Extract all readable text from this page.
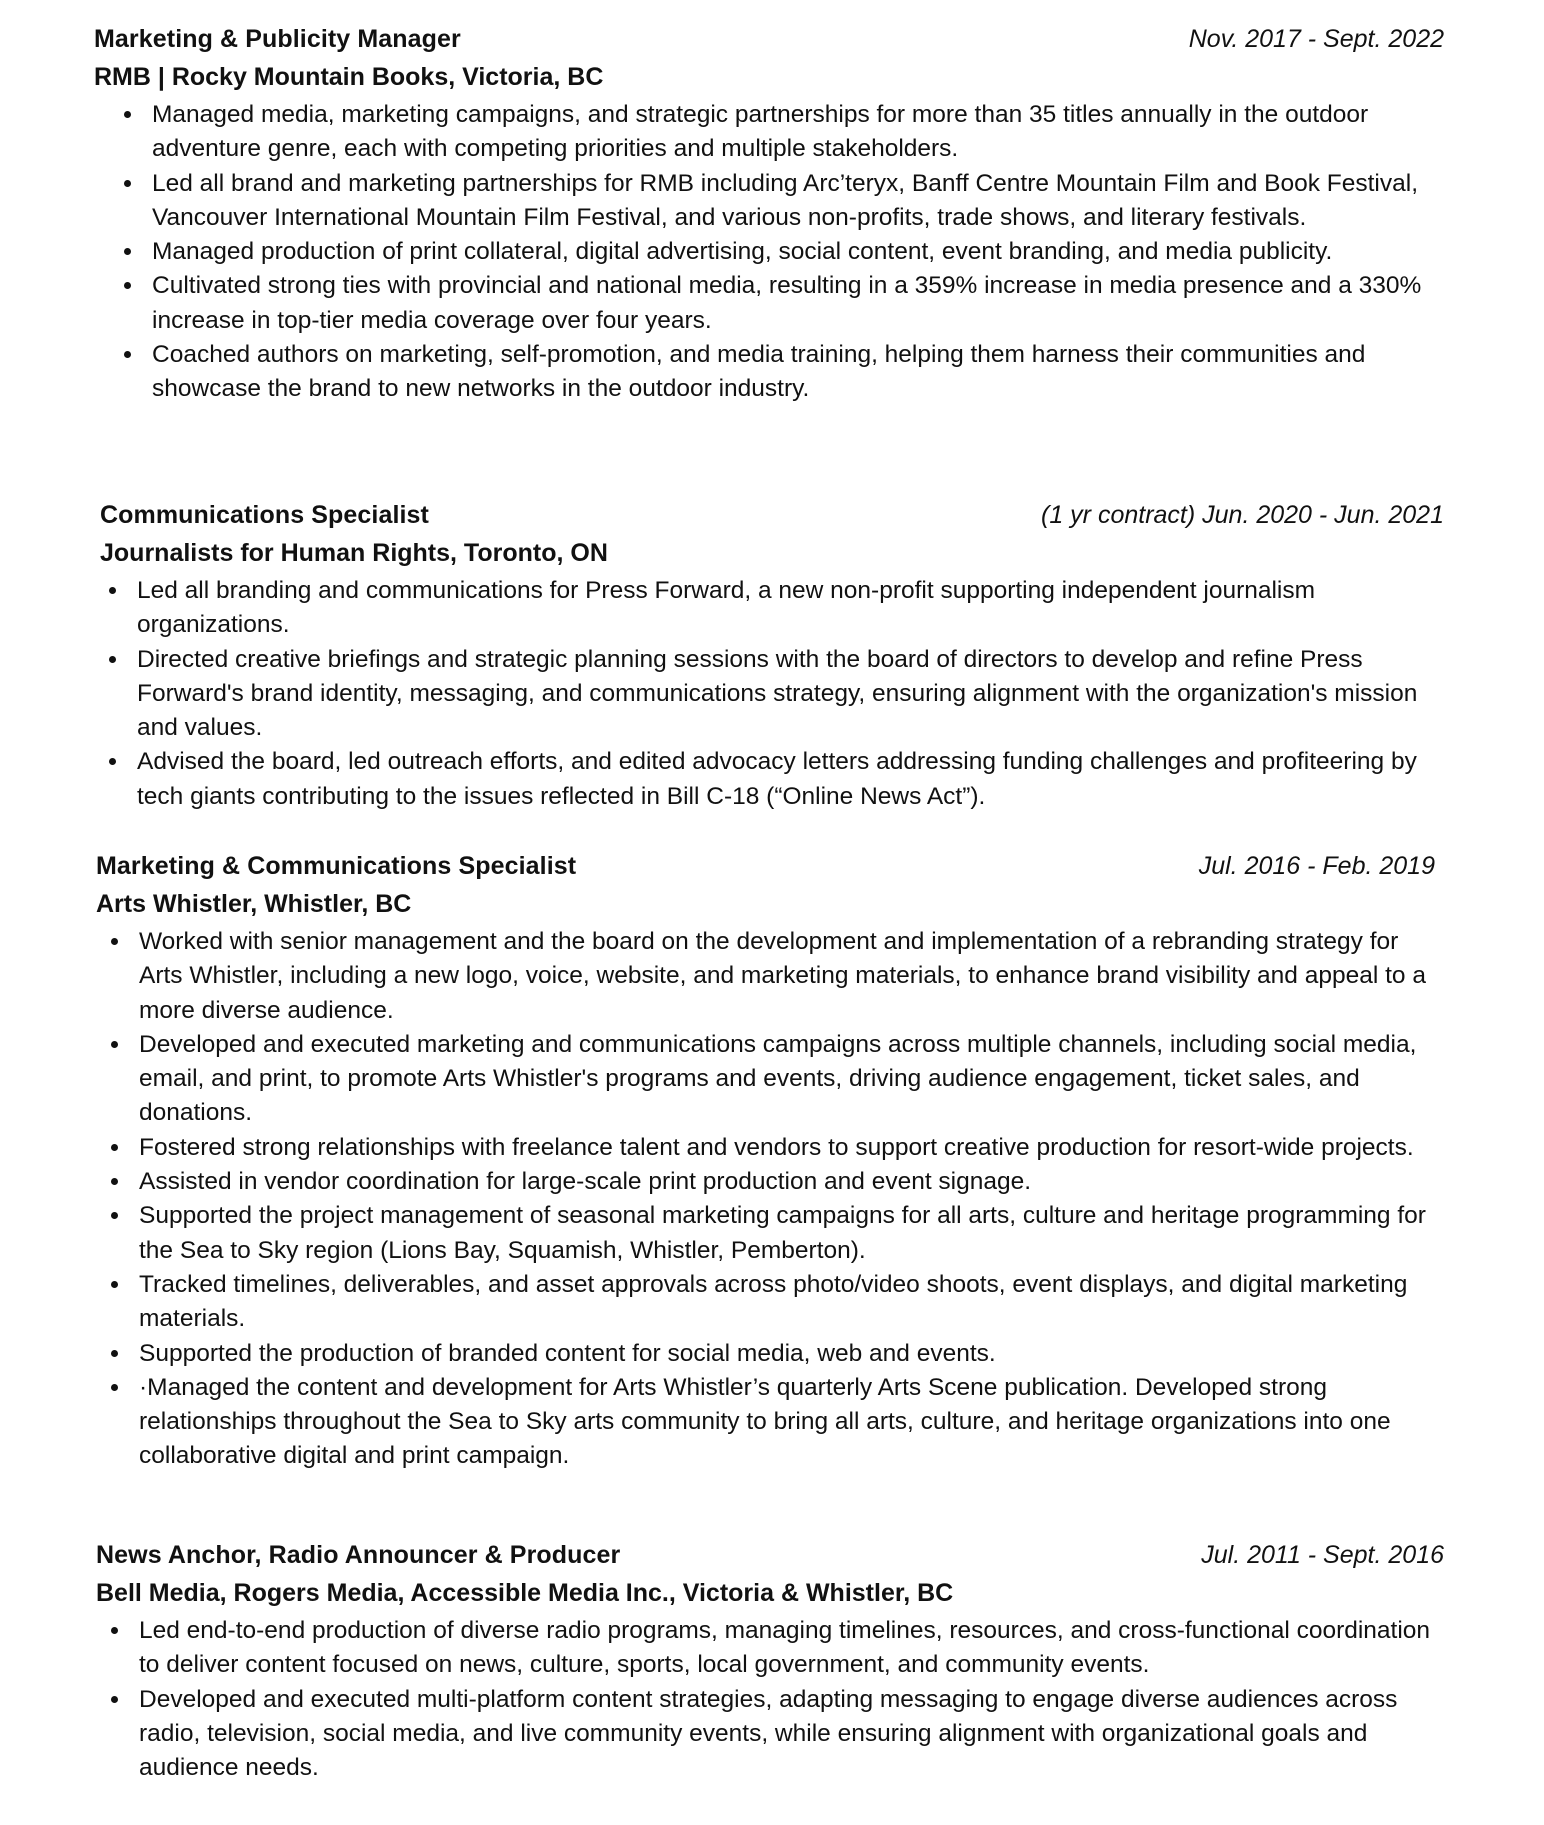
Marketing & Publicity Manager	Nov. 2017 - Sept. 2022
RMB | Rocky Mountain Books, Victoria, BC
Managed media, marketing campaigns, and strategic partnerships for more than 35 titles annually in the outdoor adventure genre, each with competing priorities and multiple stakeholders.
Led all brand and marketing partnerships for RMB including Arc’teryx, Banff Centre Mountain Film and Book Festival, Vancouver International Mountain Film Festival, and various non-profits, trade shows, and literary festivals.
Managed production of print collateral, digital advertising, social content, event branding, and media publicity.
Cultivated strong ties with provincial and national media, resulting in a 359% increase in media presence and a 330% increase in top-tier media coverage over four years.
Coached authors on marketing, self-promotion, and media training, helping them harness their communities and showcase the brand to new networks in the outdoor industry.
Communications Specialist	(1 yr contract) Jun. 2020 - Jun. 2021
Journalists for Human Rights, Toronto, ON
Led all branding and communications for Press Forward, a new non-profit supporting independent journalism organizations.
Directed creative briefings and strategic planning sessions with the board of directors to develop and refine Press Forward's brand identity, messaging, and communications strategy, ensuring alignment with the organization's mission and values.
Advised the board, led outreach efforts, and edited advocacy letters addressing funding challenges and profiteering by tech giants contributing to the issues reflected in Bill C-18 (“Online News Act”).
Marketing & Communications Specialist	Jul. 2016 - Feb. 2019
Arts Whistler, Whistler, BC
Worked with senior management and the board on the development and implementation of a rebranding strategy for Arts Whistler, including a new logo, voice, website, and marketing materials, to enhance brand visibility and appeal to a more diverse audience.
Developed and executed marketing and communications campaigns across multiple channels, including social media, email, and print, to promote Arts Whistler's programs and events, driving audience engagement, ticket sales, and donations.
Fostered strong relationships with freelance talent and vendors to support creative production for resort-wide projects.
Assisted in vendor coordination for large-scale print production and event signage.
Supported the project management of seasonal marketing campaigns for all arts, culture and heritage programming for the Sea to Sky region (Lions Bay, Squamish, Whistler, Pemberton).
Tracked timelines, deliverables, and asset approvals across photo/video shoots, event displays, and digital marketing materials.
Supported the production of branded content for social media, web and events.
·Managed the content and development for Arts Whistler’s quarterly Arts Scene publication. Developed strong relationships throughout the Sea to Sky arts community to bring all arts, culture, and heritage organizations into one collaborative digital and print campaign.
News Anchor, Radio Announcer & Producer	Jul. 2011 - Sept. 2016
Bell Media, Rogers Media, Accessible Media Inc., Victoria & Whistler, BC
Led end-to-end production of diverse radio programs, managing timelines, resources, and cross-functional coordination to deliver content focused on news, culture, sports, local government, and community events.
Developed and executed multi-platform content strategies, adapting messaging to engage diverse audiences across radio, television, social media, and live community events, while ensuring alignment with organizational goals and audience needs.
